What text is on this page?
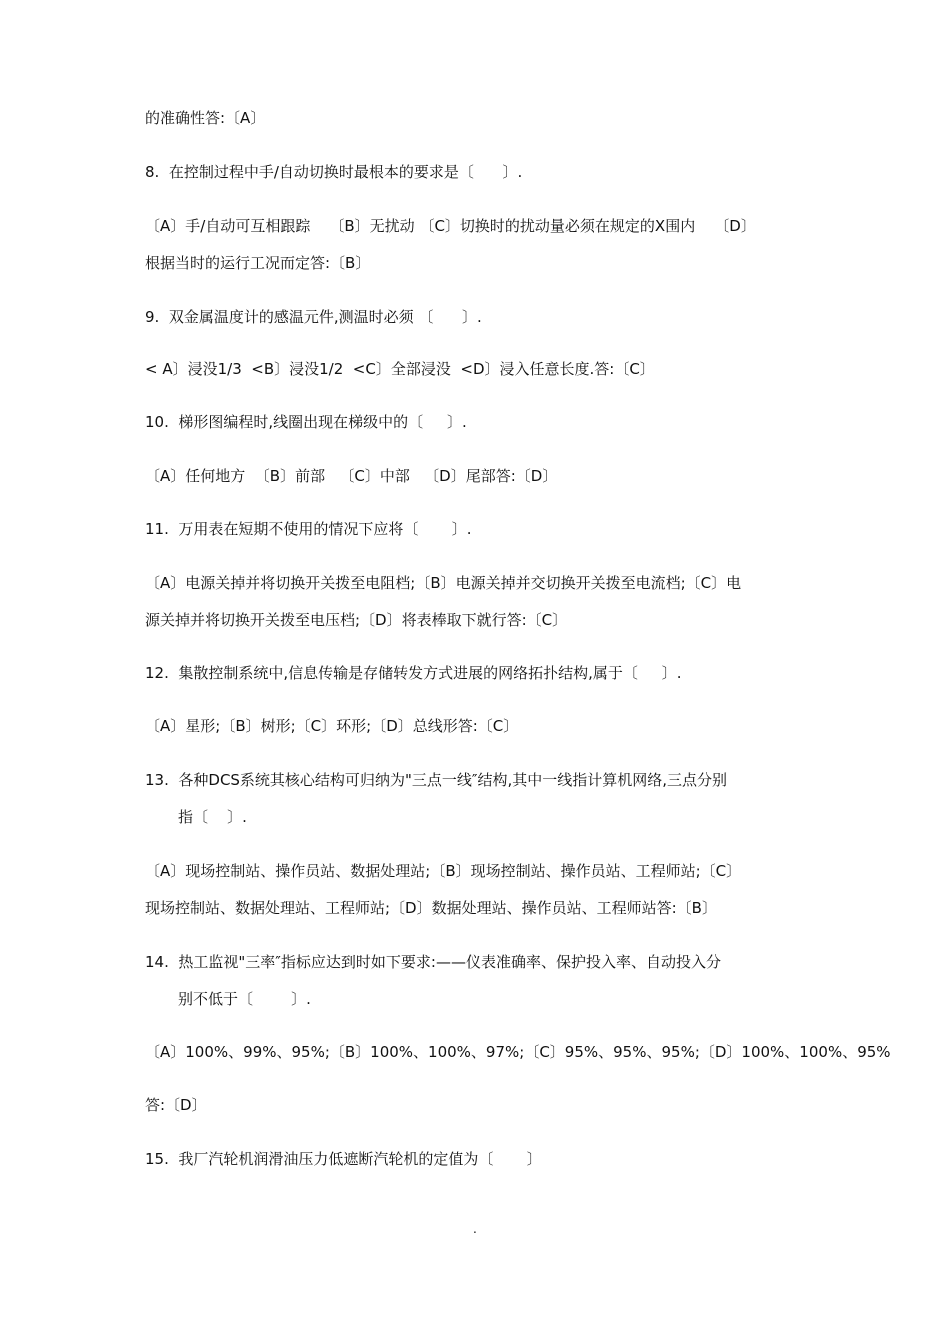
的准确性答:〔A〕
8.  在控制过程中手/自动切换时最根本的要求是〔      〕.
〔A〕手/自动可互相跟踪    〔B〕无扰动 〔C〕切换时的扰动量必须在规定的X围内    〔D〕
根据当时的运行工况而定答:〔B〕
9.  双金属温度计的感温元件,测温时必须 〔      〕.
< A〕浸没1/3  <B〕浸没1/2  <C〕全部浸没  <D〕浸入任意长度.答:〔C〕
10.  梯形图编程时,线圈出现在梯级中的〔     〕.
〔A〕任何地方  〔B〕前部   〔C〕中部   〔D〕尾部答:〔D〕
11.  万用表在短期不使用的情况下应将〔       〕.
〔A〕电源关掉并将切换开关拨至电阻档;〔B〕电源关掉并交切换开关拨至电流档;〔C〕电
源关掉并将切换开关拨至电压档;〔D〕将表棒取下就行答:〔C〕
12.  集散控制系统中,信息传输是存储转发方式进展的网络拓扑结构,属于〔     〕.
〔A〕星形;〔B〕树形;〔C〕环形;〔D〕总线形答:〔C〕
13.  各种DCS系统其核心结构可归纳为"三点一线″结构,其中一线指计算机网络,三点分别
指〔    〕.
〔A〕现场控制站、操作员站、数据处理站;〔B〕现场控制站、操作员站、工程师站;〔C〕
现场控制站、数据处理站、工程师站;〔D〕数据处理站、操作员站、工程师站答:〔B〕
14.  热工监视"三率″指标应达到时如下要求:——仪表准确率、保护投入率、自动投入分
别不低于〔        〕.
〔A〕100%、99%、95%;〔B〕100%、100%、97%;〔C〕95%、95%、95%;〔D〕100%、100%、95%
答:〔D〕
15.  我厂汽轮机润滑油压力低遮断汽轮机的定值为〔       〕
.
